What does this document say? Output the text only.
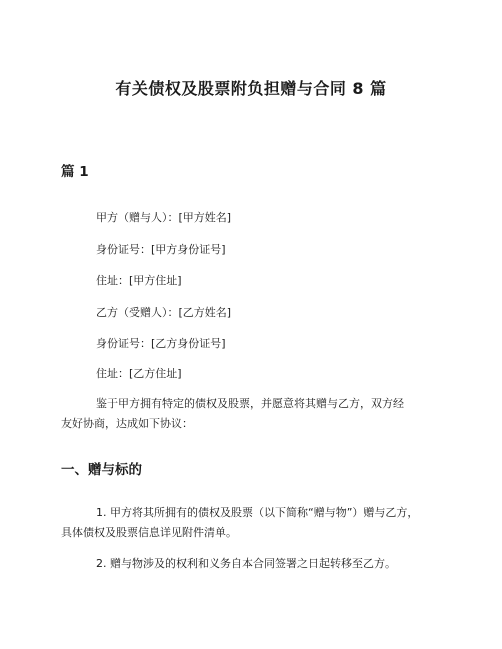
有关债权及股票附负担赠与合同 8 篇
篇 1
甲方（赠与人）：[甲方姓名]
身份证号：[甲方身份证号]
住址：[甲方住址]
乙方（受赠人）：[乙方姓名]
身份证号：[乙方身份证号]
住址：[乙方住址]
鉴于甲方拥有特定的债权及股票，并愿意将其赠与乙方，双方经
友好协商，达成如下协议：
一、赠与标的
1. 甲方将其所拥有的债权及股票（以下简称“赠与物”）赠与乙方，
具体债权及股票信息详见附件清单。
2. 赠与物涉及的权利和义务自本合同签署之日起转移至乙方。
